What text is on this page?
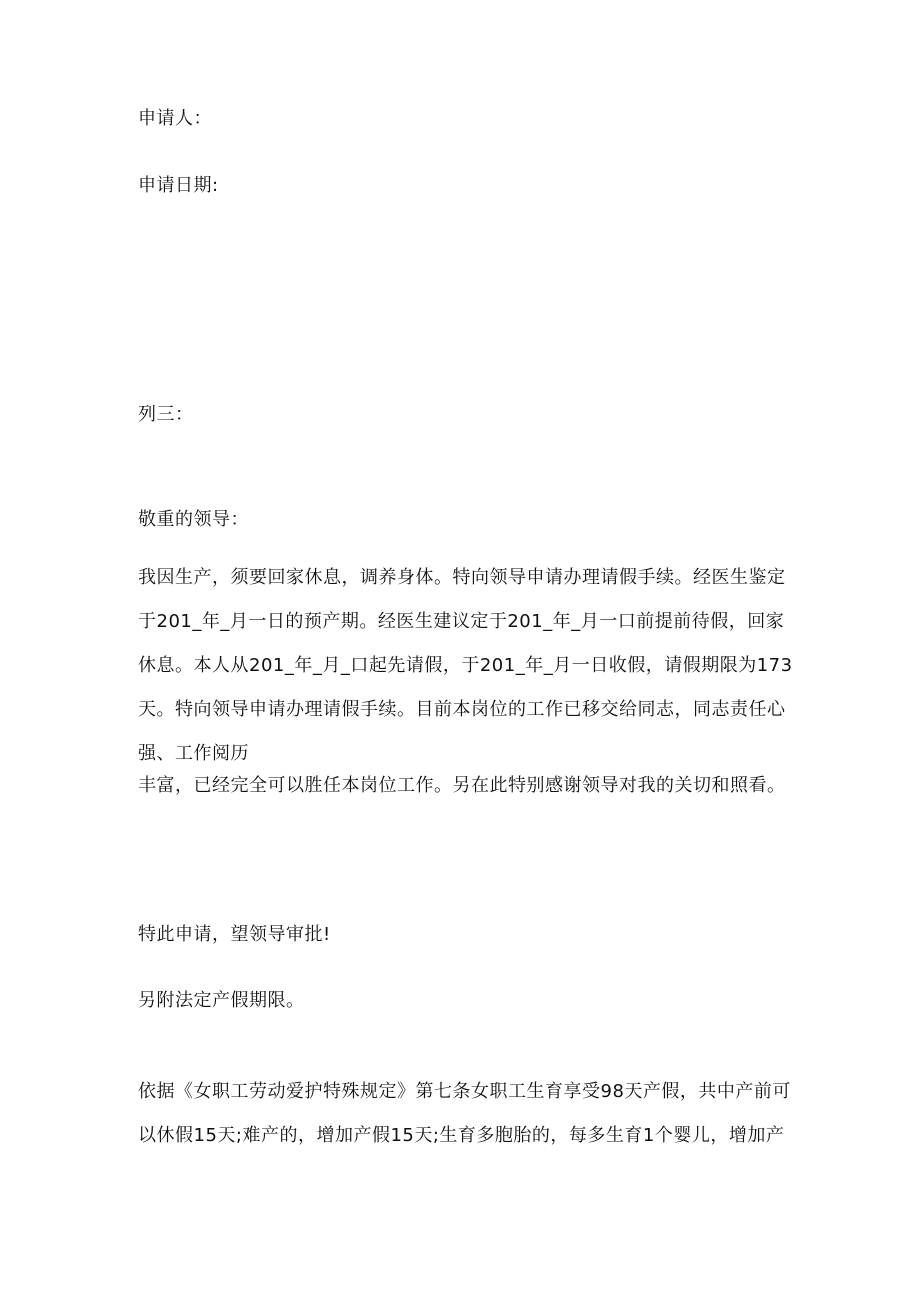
申请人：
申请日期:
列三：
敬重的领导：
我因生产，须要回家休息，调养身体。特向领导申请办理请假手续。经医生鉴定
于201_年_月一日的预产期。经医生建议定于201_年_月一口前提前待假，回家
休息。本人从201_年_月_口起先请假，于201_年_月一日收假，请假期限为173
天。特向领导申请办理请假手续。目前本岗位的工作已移交给同志，同志责任心
强、工作阅历
丰富，已经完全可以胜任本岗位工作。另在此特别感谢领导对我的关切和照看。
特此申请，望领导审批!
另附法定产假期限。
依据《女职工劳动爱护特殊规定》第七条女职工生育享受98天产假，共中产前可
以休假15天;难产的，增加产假15天;生育多胞胎的，每多生育1个婴儿，增加产
